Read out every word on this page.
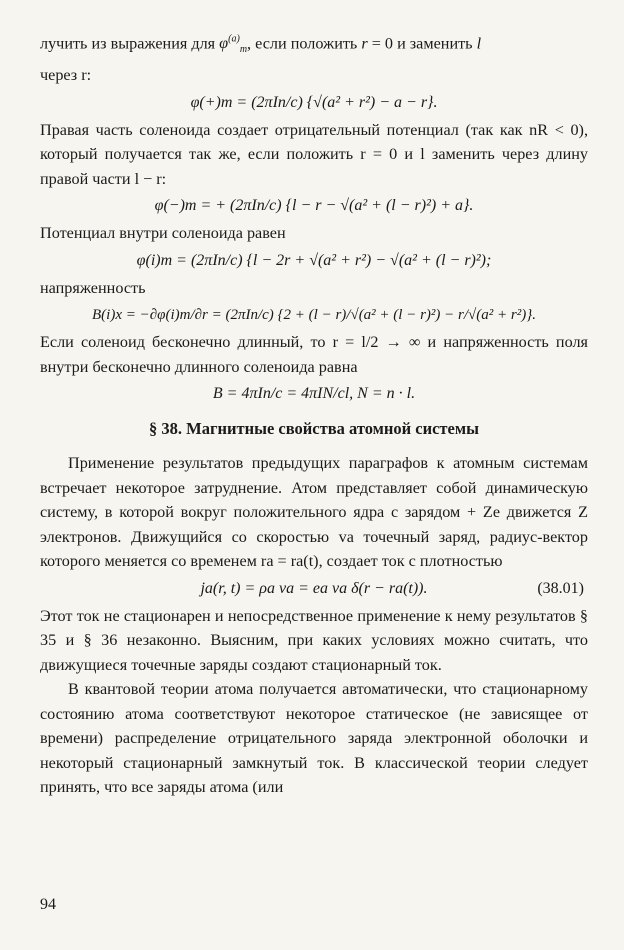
лучить из выражения для $\varphi^{(a)}_m$, если положить r = 0 и заменить l
через r:

φ(+)m = (2πIn/c) {√(a² + r²) − a − r}.

Правая часть соленоида создает отрицательный потенциал (так как nR < 0), который получается так же, если положить r = 0 и l заменить через длину правой части l − r:

φ(−)m = + (2πIn/c) {l − r − √(a² + (l − r)²) + a}.

Потенциал внутри соленоида равен

φ(i)m = (2πIn/c) {l − 2r + √(a² + r²) − √(a² + (l − r)²);

напряженность

B(i)x = −∂φ(i)m/∂r = (2πIn/c) {2 + (l − r)/√(a² + (l − r)²) − r/√(a² + r²)}.

Если соленоид бесконечно длинный, то r = l/2 → ∞ и напряженность поля внутри бесконечно длинного соленоида равна

B = 4πIn/c = 4πIN/cl, N = n · l.
§ 38. Магнитные свойства атомной системы

Применение результатов предыдущих параграфов к атомным системам встречает некоторое затруднение. Атом представляет собой динамическую систему, в которой вокруг положительного ядра с зарядом + Ze движется Z электронов. Движущийся со скоростью va точечный заряд, радиус-вектор которого меняется со временем ra = ra(t), создает ток с плотностью

ja(r, t) = ρa va = ea va δ(r − ra(t)).	(38.01)

Этот ток не стационарен и непосредственное применение к нему результатов § 35 и § 36 незаконно. Выясним, при каких условиях можно считать, что движущиеся точечные заряды создают стационарный ток.

В квантовой теории атома получается автоматически, что стационарному состоянию атома соответствуют некоторое статическое (не зависящее от времени) распределение отрицательного заряда электронной оболочки и некоторый стационарный замкнутый ток. В классической теории следует принять, что все заряды атома (или

94
